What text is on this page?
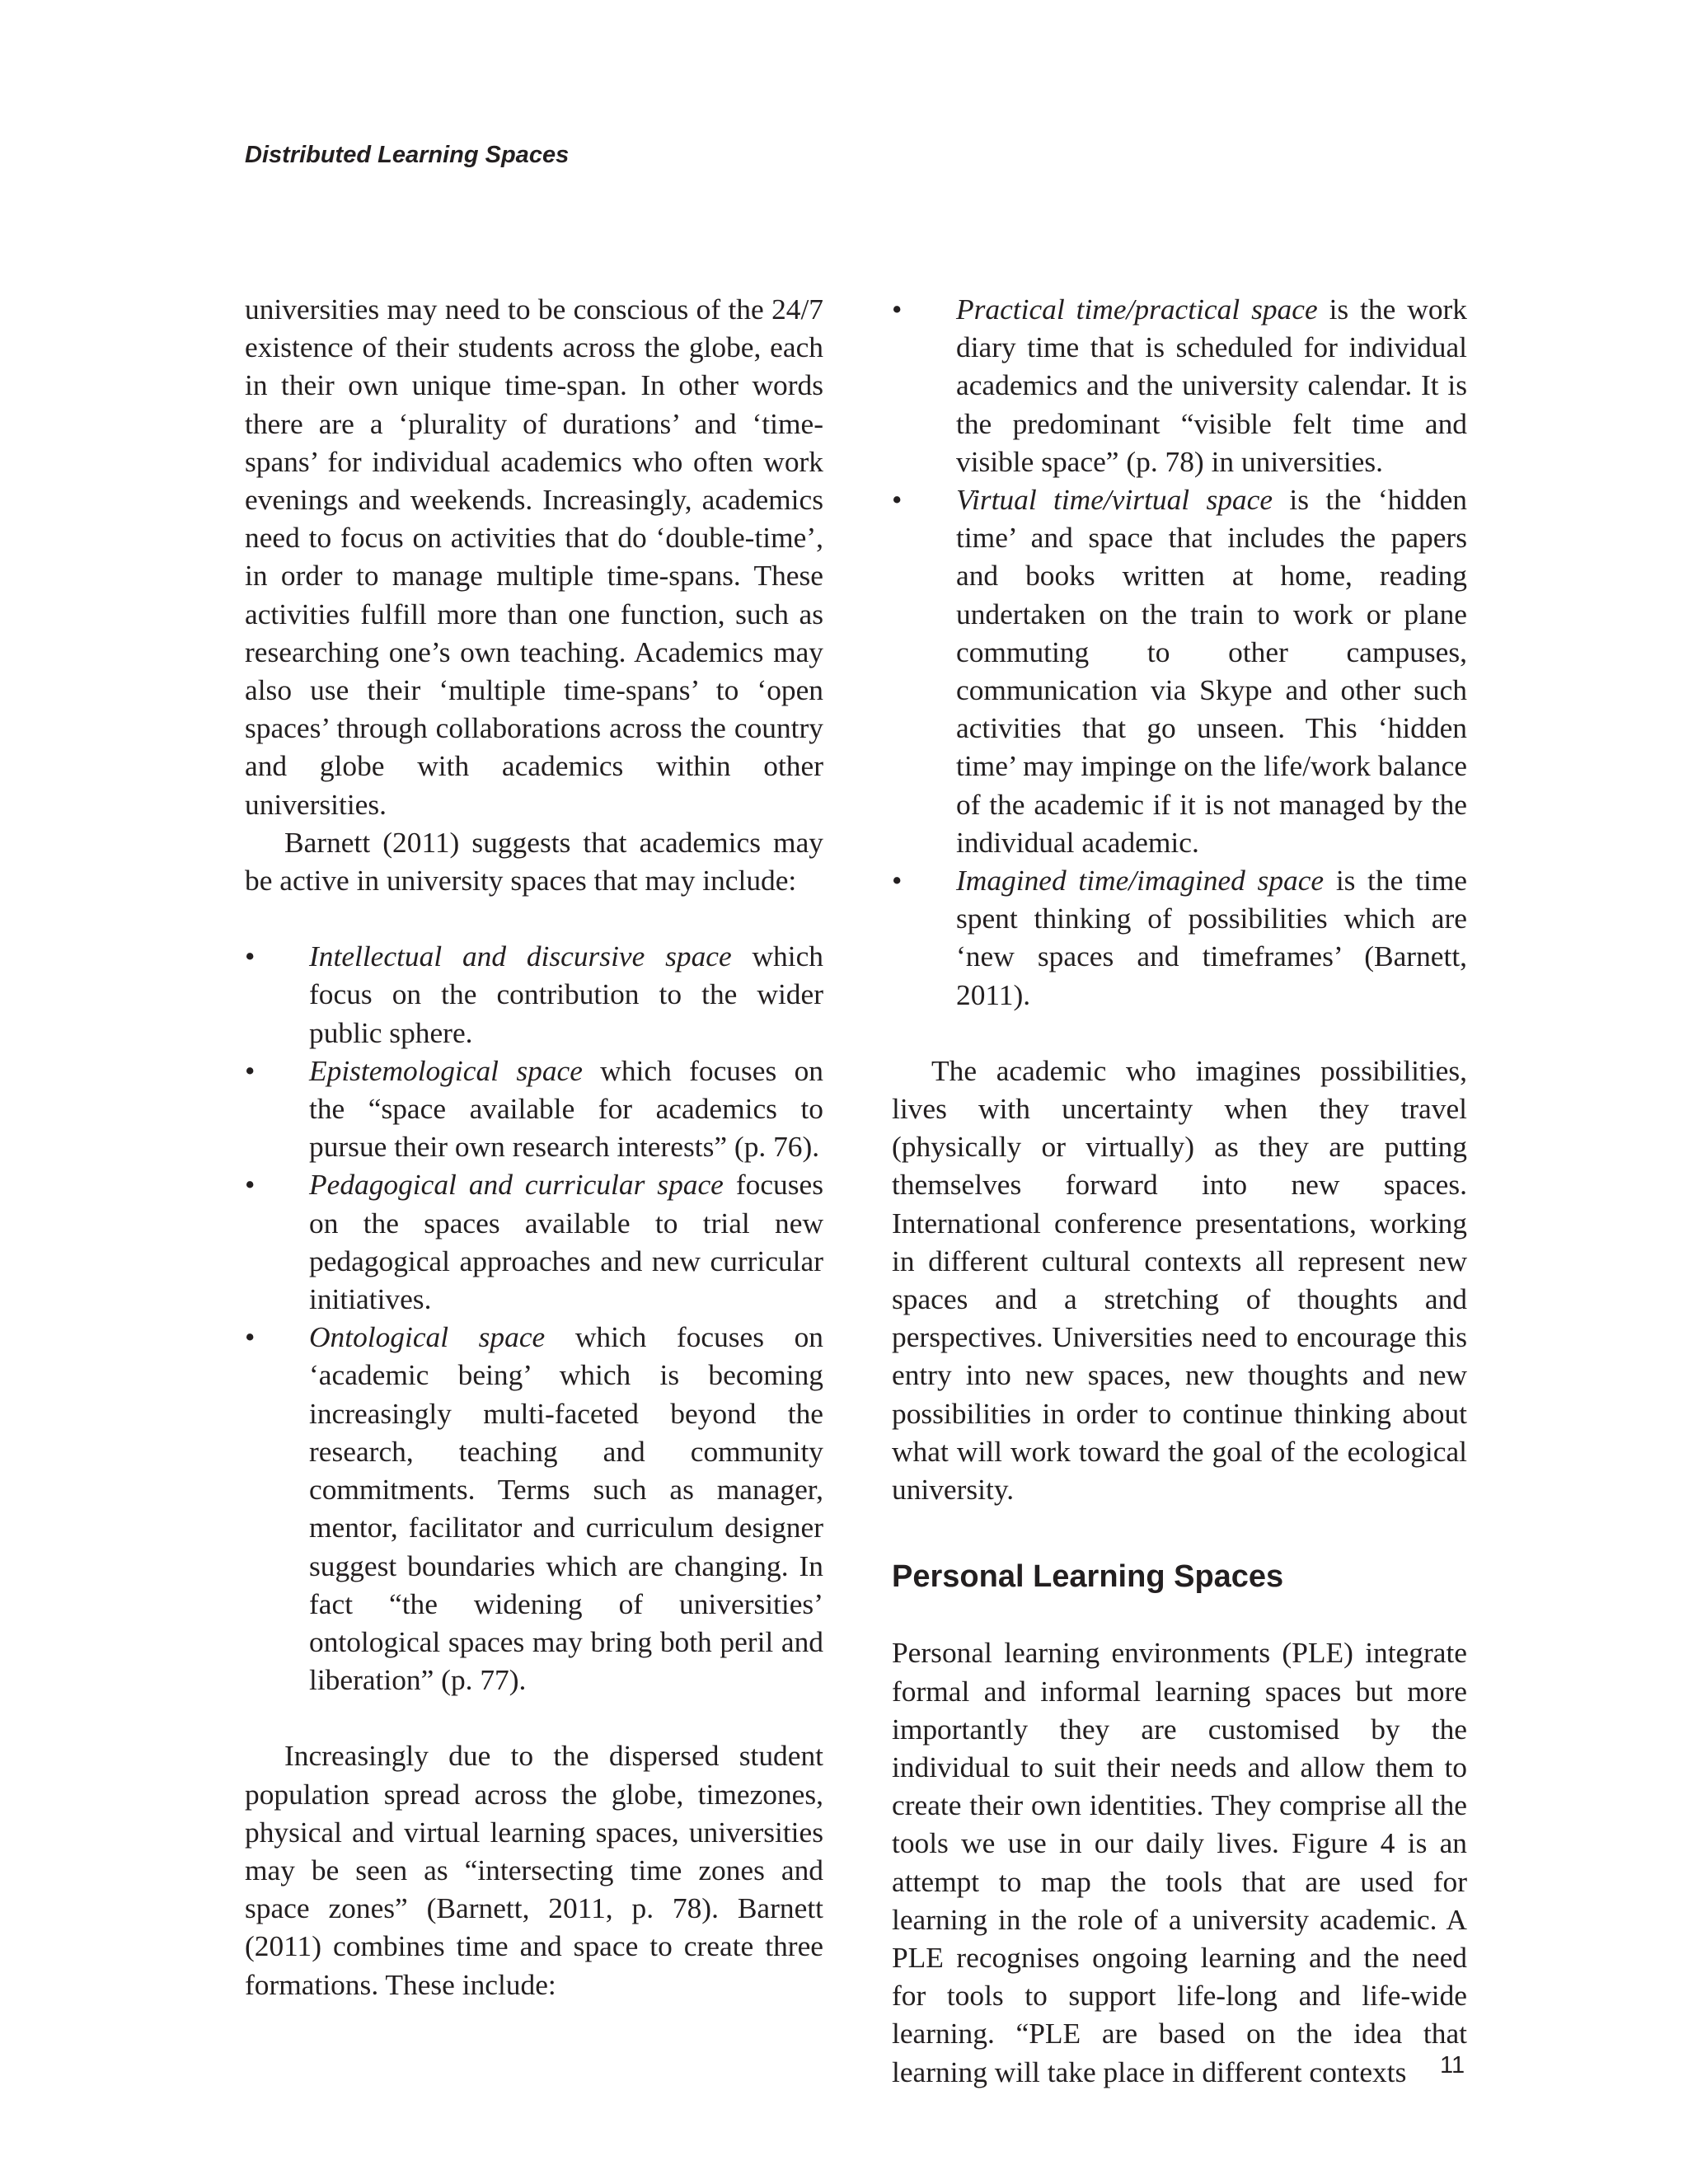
Distributed Learning Spaces

universities may need to be conscious of the 24/7 existence of their students across the globe, each in their own unique time-span. In other words there are a ‘plurality of durations’ and ‘time-spans’ for individual academics who often work evenings and weekends. Increasingly, academics need to focus on activities that do ‘double-time’, in order to manage multiple time-spans. These activities fulfill more than one function, such as researching one’s own teaching. Academics may also use their ‘multiple time-spans’ to ‘open spaces’ through collaborations across the country and globe with academics within other universities.

Barnett (2011) suggests that academics may be active in university spaces that may include:

• Intellectual and discursive space which focus on the contribution to the wider public sphere.
• Epistemological space which focuses on the “space available for academics to pursue their own research interests” (p. 76).
• Pedagogical and curricular space focuses on the spaces available to trial new pedagogical approaches and new curricular initiatives.
• Ontological space which focuses on ‘academic being’ which is becoming increasingly multi-faceted beyond the research, teaching and community commitments. Terms such as manager, mentor, facilitator and curriculum designer suggest boundaries which are changing. In fact “the widening of universities’ ontological spaces may bring both peril and liberation” (p. 77).

Increasingly due to the dispersed student population spread across the globe, timezones, physical and virtual learning spaces, universities may be seen as “intersecting time zones and space zones” (Barnett, 2011, p. 78). Barnett (2011) combines time and space to create three formations. These include:

• Practical time/practical space is the work diary time that is scheduled for individual academics and the university calendar. It is the predominant “visible felt time and visible space” (p. 78) in universities.
• Virtual time/virtual space is the ‘hidden time’ and space that includes the papers and books written at home, reading undertaken on the train to work or plane commuting to other campuses, communication via Skype and other such activities that go unseen. This ‘hidden time’ may impinge on the life/work balance of the academic if it is not managed by the individual academic.
• Imagined time/imagined space is the time spent thinking of possibilities which are ‘new spaces and timeframes’ (Barnett, 2011).

The academic who imagines possibilities, lives with uncertainty when they travel (physically or virtually) as they are putting themselves forward into new spaces. International conference presentations, working in different cultural contexts all represent new spaces and a stretching of thoughts and perspectives. Universities need to encourage this entry into new spaces, new thoughts and new possibilities in order to continue thinking about what will work toward the goal of the ecological university.

Personal Learning Spaces

Personal learning environments (PLE) integrate formal and informal learning spaces but more importantly they are customised by the individual to suit their needs and allow them to create their own identities. They comprise all the tools we use in our daily lives. Figure 4 is an attempt to map the tools that are used for learning in the role of a university academic. A PLE recognises ongoing learning and the need for tools to support life-long and life-wide learning. “PLE are based on the idea that learning will take place in different contexts	11
